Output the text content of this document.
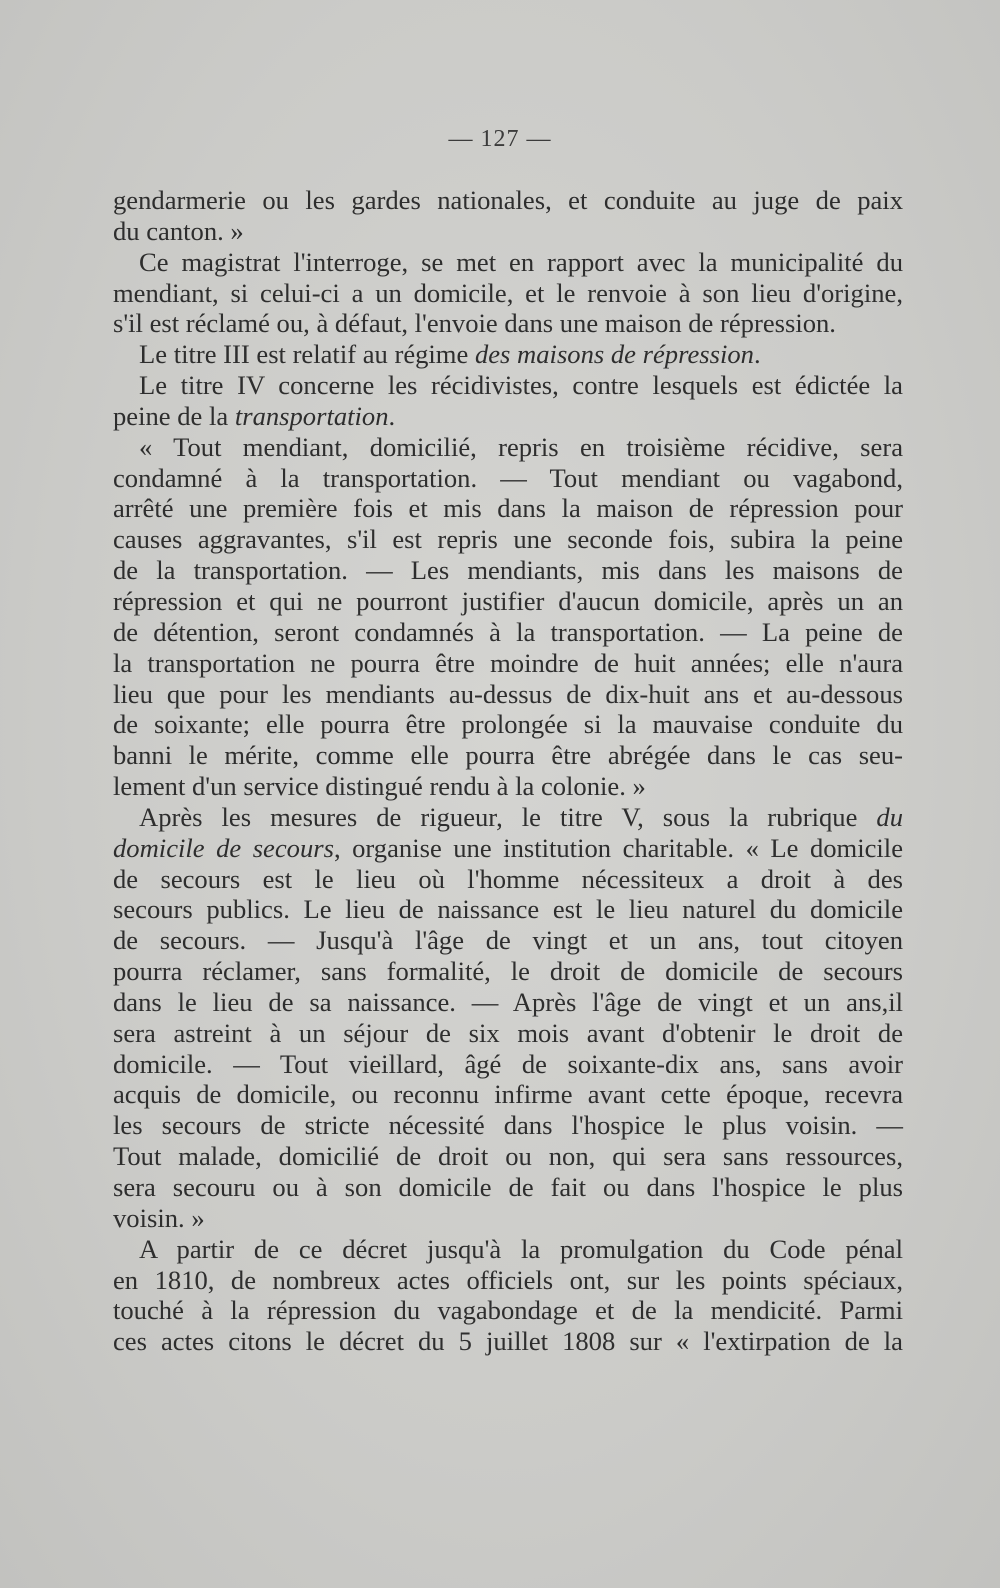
— 127 —
gendarmerie ou les gardes nationales, et conduite au juge de paix
du canton. »
Ce magistrat l'interroge, se met en rapport avec la municipalité du
mendiant, si celui-ci a un domicile, et le renvoie à son lieu d'origine,
s'il est réclamé ou, à défaut, l'envoie dans une maison de répression.
Le titre III est relatif au régime des maisons de répression.
Le titre IV concerne les récidivistes, contre lesquels est édictée la
peine de la transportation.
« Tout mendiant, domicilié, repris en troisième récidive, sera
condamné à la transportation. — Tout mendiant ou vagabond,
arrêté une première fois et mis dans la maison de répression pour
causes aggravantes, s'il est repris une seconde fois, subira la peine
de la transportation. — Les mendiants, mis dans les maisons de
répression et qui ne pourront justifier d'aucun domicile, après un an
de détention, seront condamnés à la transportation. — La peine de
la transportation ne pourra être moindre de huit années; elle n'aura
lieu que pour les mendiants au-dessus de dix-huit ans et au-dessous
de soixante; elle pourra être prolongée si la mauvaise conduite du
banni le mérite, comme elle pourra être abrégée dans le cas seu-
lement d'un service distingué rendu à la colonie. »
Après les mesures de rigueur, le titre V, sous la rubrique du
domicile de secours, organise une institution charitable. « Le domicile
de secours est le lieu où l'homme nécessiteux a droit à des
secours publics. Le lieu de naissance est le lieu naturel du domicile
de secours. — Jusqu'à l'âge de vingt et un ans, tout citoyen
pourra réclamer, sans formalité, le droit de domicile de secours
dans le lieu de sa naissance. — Après l'âge de vingt et un ans,il
sera astreint à un séjour de six mois avant d'obtenir le droit de
domicile. — Tout vieillard, âgé de soixante-dix ans, sans avoir
acquis de domicile, ou reconnu infirme avant cette époque, recevra
les secours de stricte nécessité dans l'hospice le plus voisin. —
Tout malade, domicilié de droit ou non, qui sera sans ressources,
sera secouru ou à son domicile de fait ou dans l'hospice le plus
voisin. »
A partir de ce décret jusqu'à la promulgation du Code pénal
en 1810, de nombreux actes officiels ont, sur les points spéciaux,
touché à la répression du vagabondage et de la mendicité. Parmi
ces actes citons le décret du 5 juillet 1808 sur « l'extirpation de la
